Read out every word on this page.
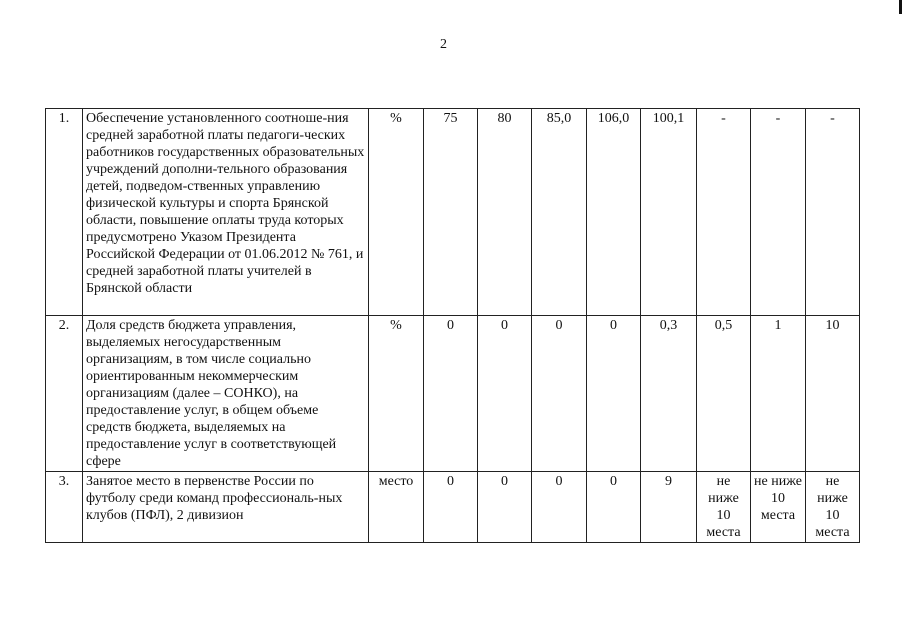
2
1.	Обеспечение установленного соотноше-ния средней заработной платы педагоги-ческих работников государственных образовательных учреждений дополни-тельного образования детей, подведом-ственных управлению физической культуры и спорта Брянской области, повышение оплаты труда которых предусмотрено Указом Президента Российской Федерации от 01.06.2012 № 761, и средней заработной платы учителей в Брянской области	%	75	80	85,0	106,0	100,1	-	-	-
2.	Доля средств бюджета управления, выделяемых негосударственным организациям, в том числе социально ориентированным некоммерческим организациям (далее – СОНКО), на предоставление услуг, в общем объеме средств бюджета, выделяемых на предоставление услуг в соответствующей сфере	%	0	0	0	0	0,3	0,5	1	10
3.	Занятое место в первенстве России по футболу среди команд профессиональ-ных клубов (ПФЛ), 2 дивизион	место	0	0	0	0	9	не ниже 10 места	не ниже 10 места	не ниже 10 места
